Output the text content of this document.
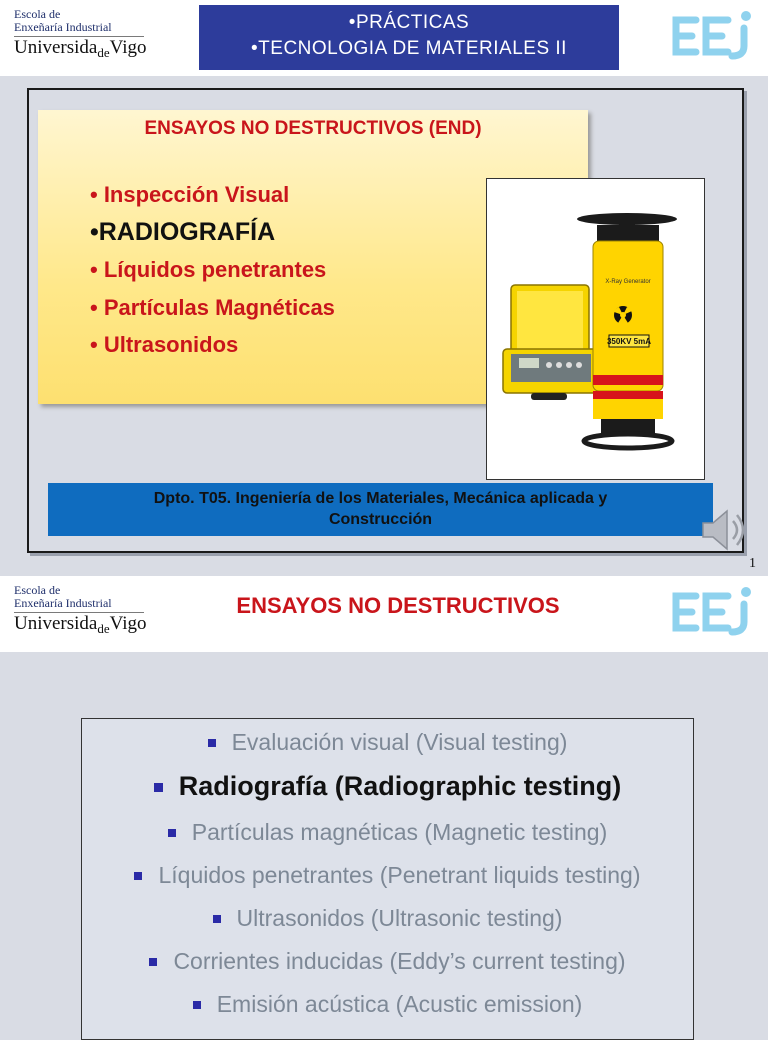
Escola de
Enxeñaría Industrial
Universida$_{de}$Vigo
•PRÁCTICAS
•TECNOLOGIA DE MATERIALES II
ENSAYOS NO DESTRUCTIVOS (END)
• Inspección Visual
•RADIOGRAFÍA
• Líquidos penetrantes
• Partículas Magnéticas
• Ultrasonidos
X-Ray Generator
350KV 5mA
Dpto. T05. Ingeniería de los Materiales, Mecánica aplicada y
Construcción
1
Escola de
Enxeñaría Industrial
Universida$_{de}$Vigo
ENSAYOS NO DESTRUCTIVOS
Evaluación visual (Visual testing)
Radiografía (Radiographic testing)
Partículas magnéticas (Magnetic testing)
Líquidos penetrantes (Penetrant liquids testing)
Ultrasonidos (Ultrasonic testing)
Corrientes inducidas (Eddy’s current testing)
Emisión acústica (Acustic emission)
